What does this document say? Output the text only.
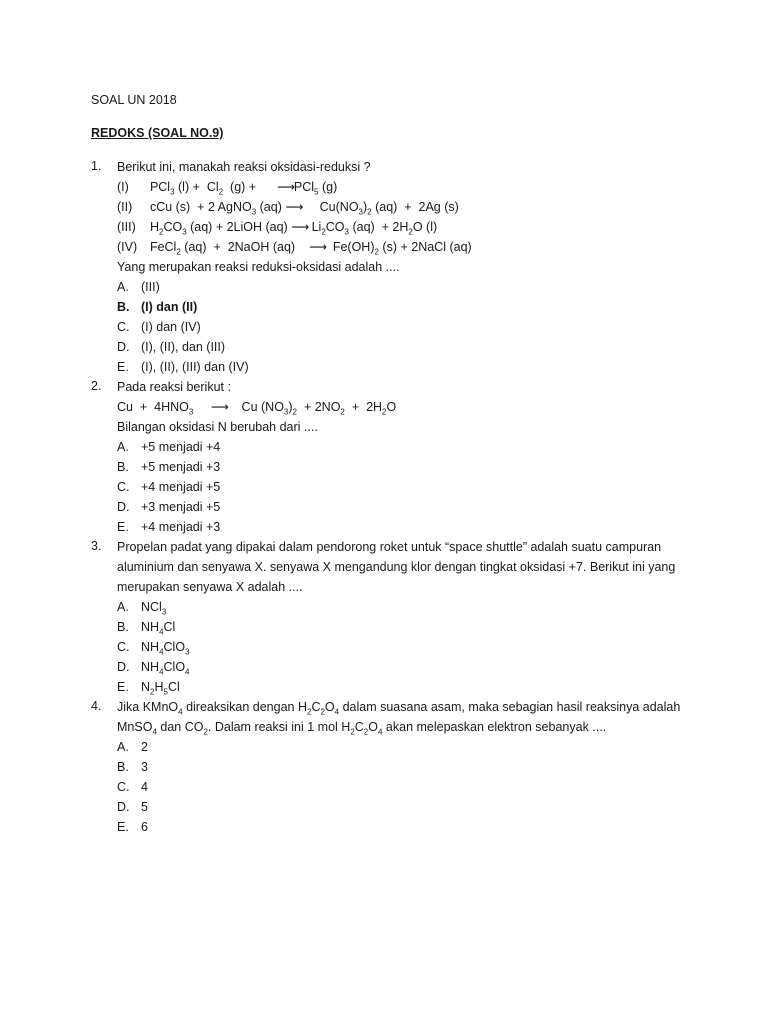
SOAL UN 2018
REDOKS (SOAL NO.9)
1. Berikut ini, manakah reaksi oksidasi-reduksi ?
(I)  PCl$_3$ $(l) + Cl_2$  (g) +      ⟶PCl$_5$ (g)
(II)  cCu (s)  + 2 AgNO$_3$ (aq) ⟶     $Cu(NO_3)_2$ (aq)  +  2Ag (s)
(III)  $H_2CO_3$ (aq) + 2LiOH (aq) ⟶ $Li_2CO_3$ $(aq) + 2H_2O$ (l)
(IV)  FeCl$_2$ (aq)  +  2NaOH (aq)    ⟶  $Fe(OH)_2$ (s) + 2NaCl (aq)
Yang merupakan reaksi reduksi-oksidasi adalah ....
A. (III)
B. (I) dan (II)
C. (I) dan (IV)
D. (I), (II), dan (III)
E. (I), (II), (III) dan (IV)
2. Pada reaksi berikut :
$Cu + 4HNO_3$ ⟶    Cu $(NO_3)_2 + 2NO_2 + 2H_2O$
Bilangan oksidasi N berubah dari ....
A. +5 menjadi +4
B. +5 menjadi +3
C. +4 menjadi +5
D. +3 menjadi +5
E. +4 menjadi +3
3. Propelan padat yang dipakai dalam pendorong roket untuk “space shuttle” adalah suatu campuran
aluminium dan senyawa X. senyawa X mengandung klor dengan tingkat oksidasi +7. Berikut ini yang
merupakan senyawa X adalah ....
A. NCl$_3$
B. $NH_4Cl$
C. $NH_4ClO_3$
D. $NH_4ClO_4$
E. $N_2H_5Cl$
4. Jika KMnO$_4$ direaksikan dengan $H_2C_2O_4$ dalam suasana asam, maka sebagian hasil reaksinya adalah
MnSO$_4$ dan $CO_2$. Dalam reaksi ini 1 mol $H_2C_2O_4$ akan melepaskan elektron sebanyak ....
A. 2
B. 3
C. 4
D. 5
E. 6
